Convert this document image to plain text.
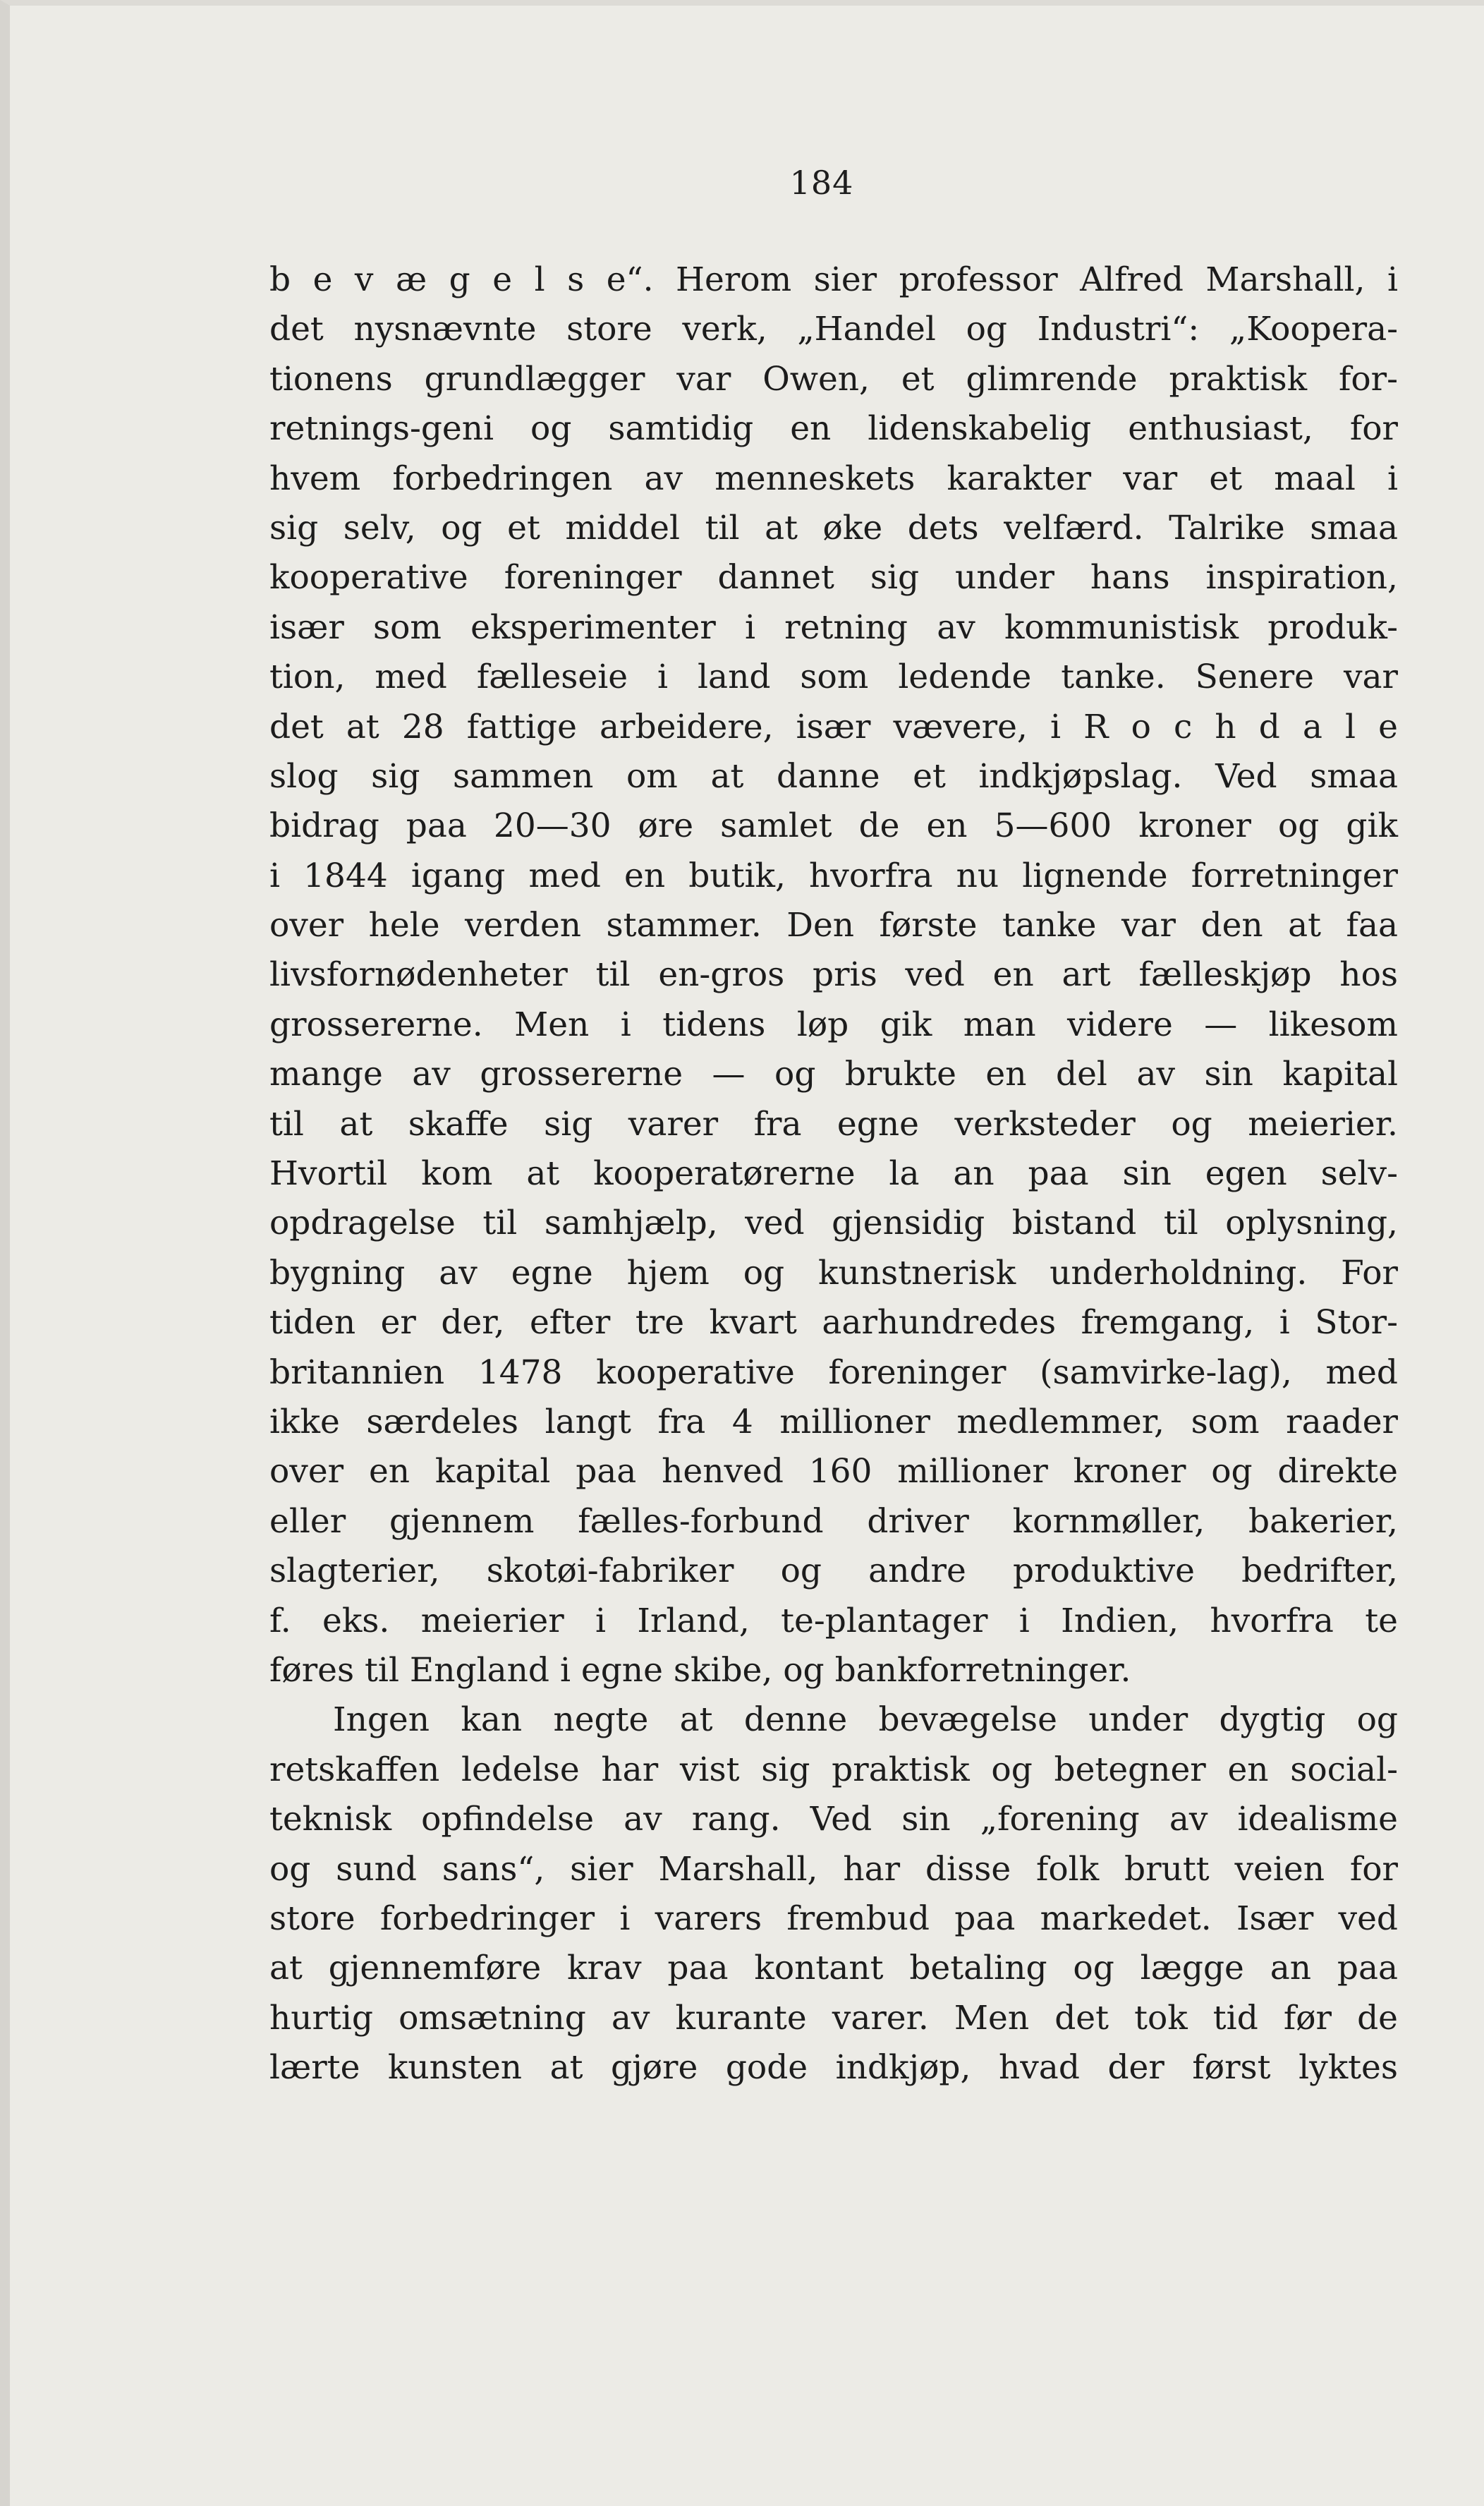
184
b e v æ g e l s e“. Herom sier professor Alfred Marshall, i
det nysnævnte store verk, „Handel og Industri“: „Koopera-
tionens grundlægger var Owen, et glimrende praktisk for-
retnings-geni og samtidig en lidenskabelig enthusiast, for
hvem forbedringen av menneskets karakter var et maal i
sig selv, og et middel til at øke dets velfærd. Talrike smaa
kooperative foreninger dannet sig under hans inspiration,
især som eksperimenter i retning av kommunistisk produk-
tion, med fælleseie i land som ledende tanke. Senere var
det at 28 fattige arbeidere, især vævere, i R o c h d a l e
slog sig sammen om at danne et indkjøpslag. Ved smaa
bidrag paa 20—30 øre samlet de en 5—600 kroner og gik
i 1844 igang med en butik, hvorfra nu lignende forretninger
over hele verden stammer. Den første tanke var den at faa
livsfornødenheter til en-gros pris ved en art fælleskjøp hos
grossererne. Men i tidens løp gik man videre — likesom
mange av grossererne — og brukte en del av sin kapital
til at skaffe sig varer fra egne verksteder og meierier.
Hvortil kom at kooperatørerne la an paa sin egen selv-
opdragelse til samhjælp, ved gjensidig bistand til oplysning,
bygning av egne hjem og kunstnerisk underholdning. For
tiden er der, efter tre kvart aarhundredes fremgang, i Stor-
britannien 1478 kooperative foreninger (samvirke-lag), med
ikke særdeles langt fra 4 millioner medlemmer, som raader
over en kapital paa henved 160 millioner kroner og direkte
eller gjennem fælles-forbund driver kornmøller, bakerier,
slagterier, skotøi-fabriker og andre produktive bedrifter,
f. eks. meierier i Irland, te-plantager i Indien, hvorfra te
føres til England i egne skibe, og bankforretninger.
Ingen kan negte at denne bevægelse under dygtig og
retskaffen ledelse har vist sig praktisk og betegner en social-
teknisk opfindelse av rang. Ved sin „forening av idealisme
og sund sans“, sier Marshall, har disse folk brutt veien for
store forbedringer i varers frembud paa markedet. Især ved
at gjennemføre krav paa kontant betaling og lægge an paa
hurtig omsætning av kurante varer. Men det tok tid før de
lærte kunsten at gjøre gode indkjøp, hvad der først lyktes
